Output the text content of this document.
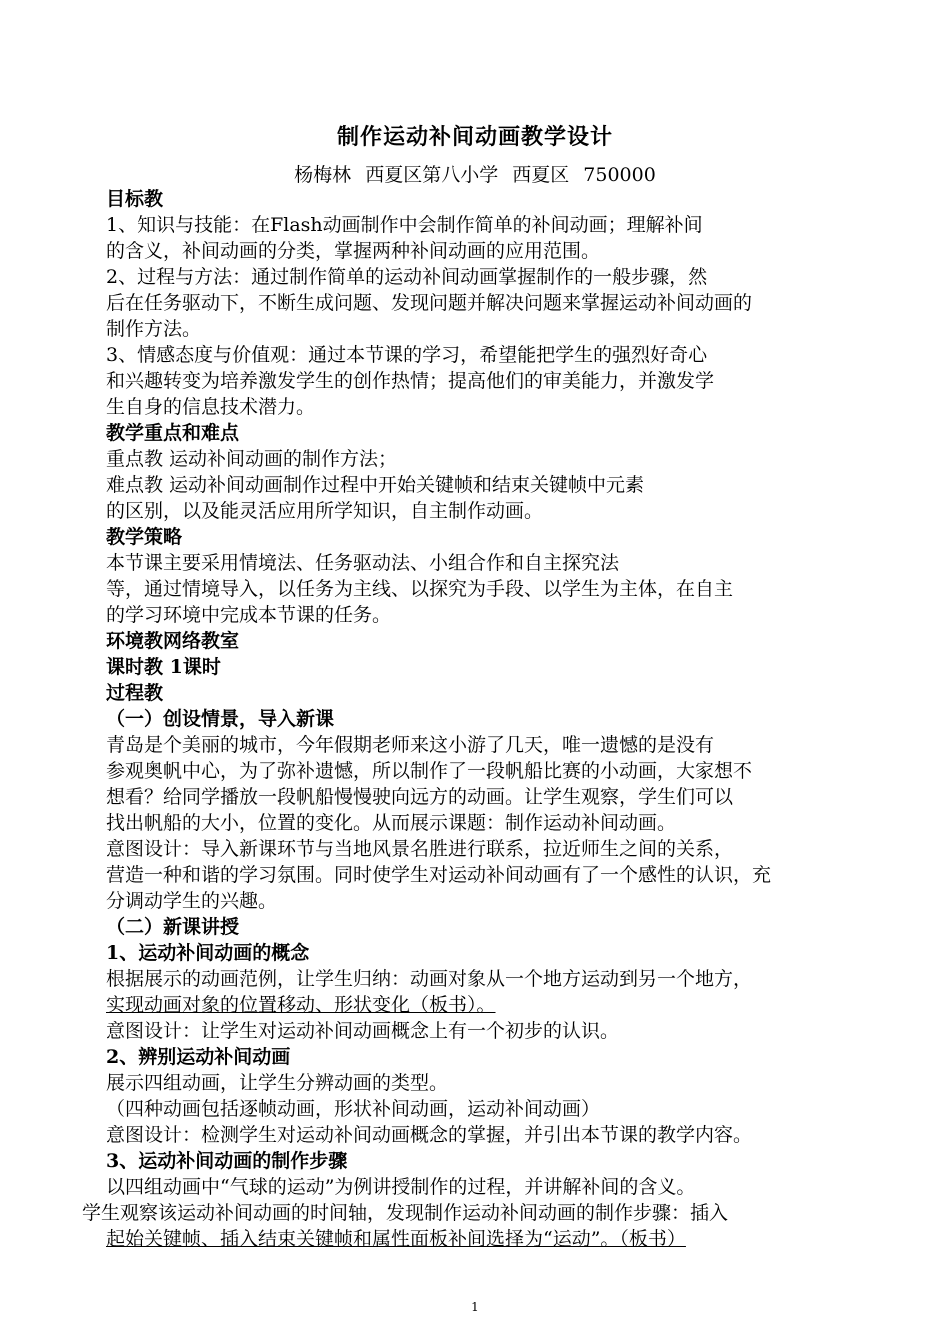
制作运动补间动画教学设计
杨梅林 西夏区第八小学 西夏区 750000
目标教
1、知识与技能：在Flash动画制作中会制作简单的补间动画；理解补间
的含义，补间动画的分类，掌握两种补间动画的应用范围。
2、过程与方法：通过制作简单的运动补间动画掌握制作的一般步骤，然
后在任务驱动下，不断生成问题、发现问题并解决问题来掌握运动补间动画的
制作方法。
3、情感态度与价值观：通过本节课的学习，希望能把学生的强烈好奇心
和兴趣转变为培养激发学生的创作热情；提高他们的审美能力，并激发学
生自身的信息技术潜力。
教学重点和难点
重点教 运动补间动画的制作方法；
难点教 运动补间动画制作过程中开始关键帧和结束关键帧中元素
的区别，以及能灵活应用所学知识，自主制作动画。
教学策略
本节课主要采用情境法、任务驱动法、小组合作和自主探究法
等，通过情境导入，以任务为主线、以探究为手段、以学生为主体，在自主
的学习环境中完成本节课的任务。
环境教网络教室
课时教 1课时
过程教
（一）创设情景，导入新课
青岛是个美丽的城市，今年假期老师来这小游了几天，唯一遗憾的是没有
参观奥帆中心，为了弥补遗憾，所以制作了一段帆船比赛的小动画，大家想不
想看？给同学播放一段帆船慢慢驶向远方的动画。让学生观察，学生们可以
找出帆船的大小，位置的变化。从而展示课题：制作运动补间动画。
意图设计：导入新课环节与当地风景名胜进行联系，拉近师生之间的关系，
营造一种和谐的学习氛围。同时使学生对运动补间动画有了一个感性的认识，充
分调动学生的兴趣。
（二）新课讲授
1、运动补间动画的概念
根据展示的动画范例，让学生归纳：动画对象从一个地方运动到另一个地方，
实现动画对象的位置移动、形状变化（板书）。
意图设计：让学生对运动补间动画概念上有一个初步的认识。
2、辨别运动补间动画
展示四组动画，让学生分辨动画的类型。
（四种动画包括逐帧动画，形状补间动画，运动补间动画）
意图设计：检测学生对运动补间动画概念的掌握，并引出本节课的教学内容。
3、运动补间动画的制作步骤
以四组动画中“气球的运动”为例讲授制作的过程，并讲解补间的含义。
学生观察该运动补间动画的时间轴，发现制作运动补间动画的制作步骤：插入
起始关键帧、插入结束关键帧和属性面板补间选择为“运动”。（板书）
1
